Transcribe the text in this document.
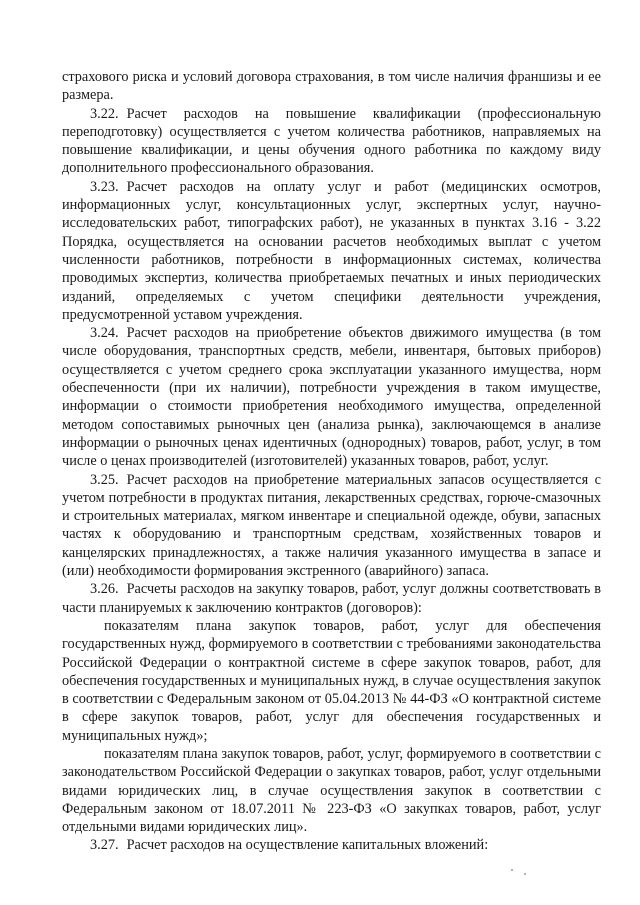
страхового риска и условий договора страхования, в том числе наличия франшизы и ее размера.

3.22. Расчет расходов на повышение квалификации (профессиональную переподготовку) осуществляется с учетом количества работников, направляемых на повышение квалификации, и цены обучения одного работника по каждому виду дополнительного профессионального образования.

3.23. Расчет расходов на оплату услуг и работ (медицинских осмотров, информационных услуг, консультационных услуг, экспертных услуг, научно-исследовательских работ, типографских работ), не указанных в пунктах 3.16 - 3.22 Порядка, осуществляется на основании расчетов необходимых выплат с учетом численности работников, потребности в информационных системах, количества проводимых экспертиз, количества приобретаемых печатных и иных периодических изданий, определяемых с учетом специфики деятельности учреждения, предусмотренной уставом учреждения.

3.24. Расчет расходов на приобретение объектов движимого имущества (в том числе оборудования, транспортных средств, мебели, инвентаря, бытовых приборов) осуществляется с учетом среднего срока эксплуатации указанного имущества, норм обеспеченности (при их наличии), потребности учреждения в таком имуществе, информации о стоимости приобретения необходимого имущества, определенной методом сопоставимых рыночных цен (анализа рынка), заключающемся в анализе информации о рыночных ценах идентичных (однородных) товаров, работ, услуг, в том числе о ценах производителей (изготовителей) указанных товаров, работ, услуг.

3.25. Расчет расходов на приобретение материальных запасов осуществляется с учетом потребности в продуктах питания, лекарственных средствах, горюче-смазочных и строительных материалах, мягком инвентаре и специальной одежде, обуви, запасных частях к оборудованию и транспортным средствам, хозяйственных товаров и канцелярских принадлежностях, а также наличия указанного имущества в запасе и (или) необходимости формирования экстренного (аварийного) запаса.

3.26. Расчеты расходов на закупку товаров, работ, услуг должны соответствовать в части планируемых к заключению контрактов (договоров):

показателям плана закупок товаров, работ, услуг для обеспечения государственных нужд, формируемого в соответствии с требованиями законодательства Российской Федерации о контрактной системе в сфере закупок товаров, работ, для обеспечения государственных и муниципальных нужд, в случае осуществления закупок в соответствии с Федеральным законом от 05.04.2013 № 44-ФЗ «О контрактной системе в сфере закупок товаров, работ, услуг для обеспечения государственных и муниципальных нужд»;

показателям плана закупок товаров, работ, услуг, формируемого в соответствии с законодательством Российской Федерации о закупках товаров, работ, услуг отдельными видами юридических лиц, в случае осуществления закупок в соответствии с Федеральным законом от 18.07.2011 № 223-ФЗ «О закупках товаров, работ, услуг отдельными видами юридических лиц».

3.27. Расчет расходов на осуществление капитальных вложений:
